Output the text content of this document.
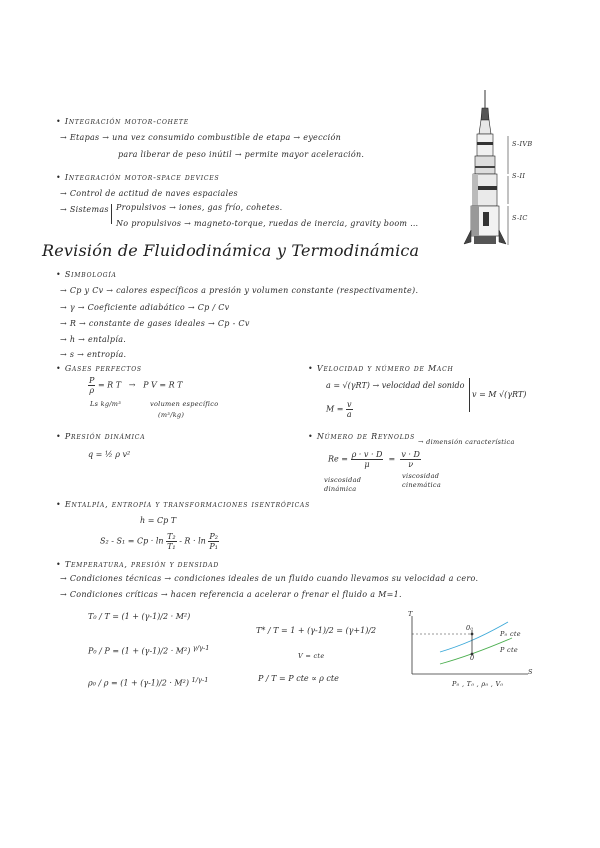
• Integración motor-cohete
→ Etapas → una vez consumido combustible de etapa → eyección
para liberar de peso inútil → permite mayor aceleración.
• Integración motor-space devices
→ Control de actitud de naves espaciales
→ Sistemas Propulsivos → iones, gas frío, cohetes.
No propulsivos → magneto-torque, ruedas de inercia, gravity boom …
S-IVB
S-II
S-IC
Revisión de Fluidodinámica y Termodinámica
• Simbología
→ Cp y Cv → calores específicos a presión y volumen constante (respectivamente).
→ γ → Coeficiente adiabático → Cp / Cv
→ R → constante de gases ideales → Cp - Cv
→ h → entalpía.
→ s → entropía.
• Gases perfectos
$\frac{P}{\rho} = R$ T → P V = R T
Ls kg/m³	volumen específico
(m³/kg)
• Velocidad y número de Mach
a = √(γRT) → velocidad del sonido
$M = \frac{v}{a}$
v = M √(γRT)
• Presión dinámica
q = ½ ρ v²
• Número de Reynolds
→ dimensión característica
$Re = \frac{\rho \cdot v \cdot D}{\mu} = \frac{v \cdot D}{\nu}$
viscosidad dinámica
viscosidad cinemática
• Entalpía, entropía y transformaciones isentrópicas
h = Cp T
$S_2 - S_1 = Cp \cdot \ln \frac{\text{T₂}}{\text{T₁}} - R \cdot \ln \frac{\text{P₂}}{\text{P₁}}$
• Temperatura, presión y densidad
→ Condiciones técnicas → condiciones ideales de un fluido cuando llevamos su velocidad a cero.
→ Condiciones críticas → hacen referencia a acelerar o frenar el fluido a M=1.
T₀ / T = (1 + (γ-1)/2 · M²)
P₀ / P = (1 + (γ-1)/2 · M²) $^{\gamma/\gamma-1}$
ρ₀ / ρ = (1 + (γ-1)/2 · M²) $^{1/\gamma-1}$
T* / T = 1 + (γ-1)/2 = (γ+1)/2
V = cte
P / T = P cte ∝ ρ cte
T
S
0₀
0
P₀ cte
P cte
P₀ , T₀ , ρ₀ , V₀
